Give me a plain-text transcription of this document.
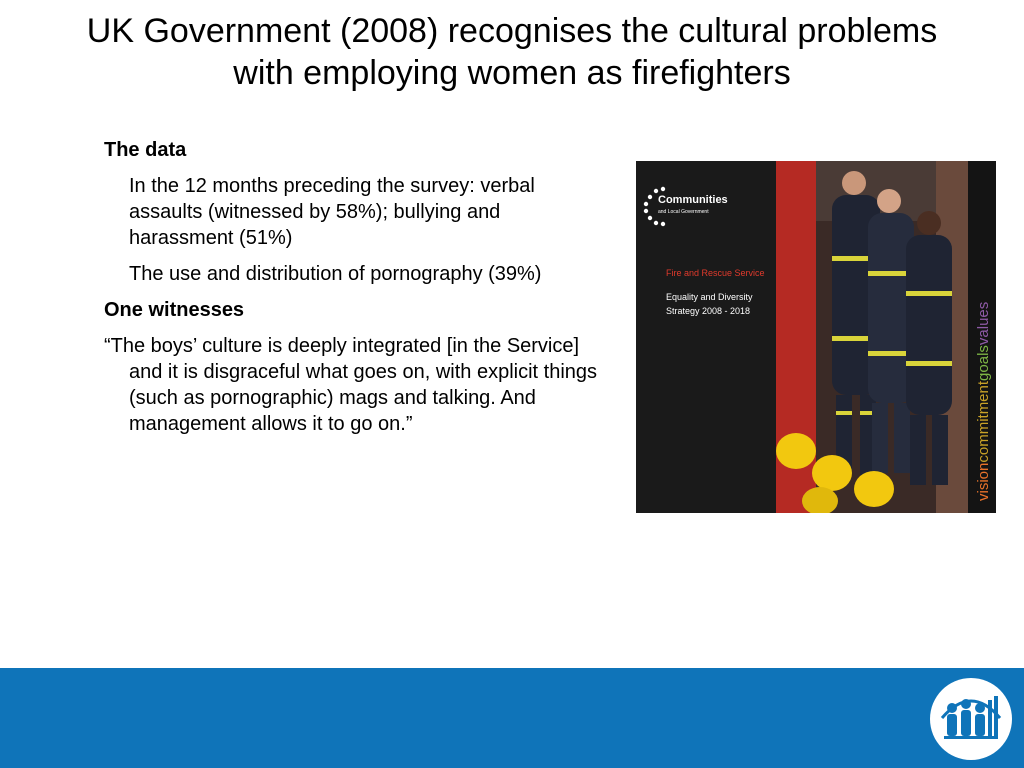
UK Government (2008) recognises the cultural problems with employing women as firefighters

The data

In the 12 months preceding the survey: verbal assaults (witnessed by 58%); bullying and harassment (51%)

The use and distribution of pornography (39%)

One witnesses

“The boys’ culture is deeply integrated [in the Service] and it is disgraceful what goes on, with explicit things (such as pornographic) mags and talking. And management allows it to go on.”

Communities
and Local Government
Fire and Rescue Service
Equality and Diversity
Strategy 2008 - 2018
visioncommitmentgoalsvalues
